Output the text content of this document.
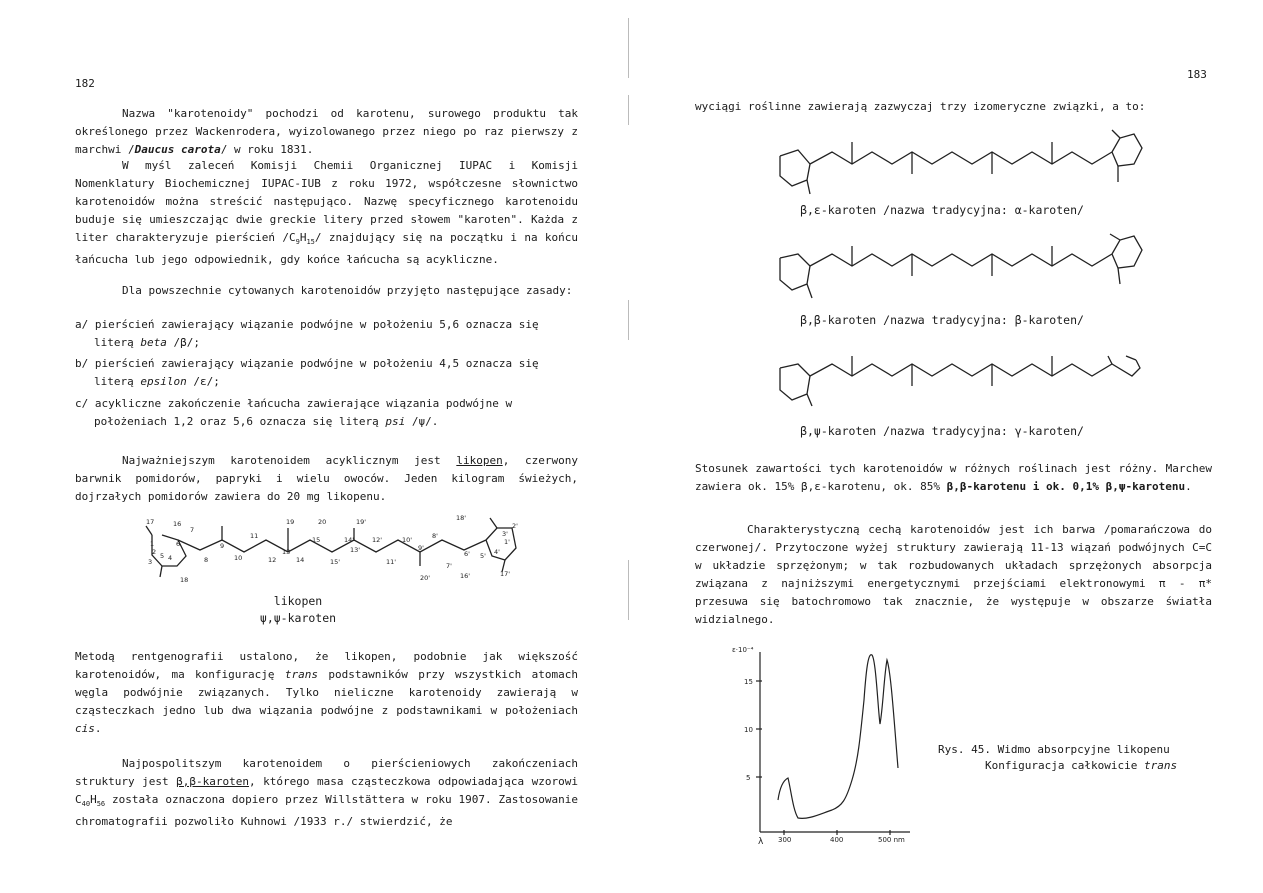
182
Nazwa "karotenoidy" pochodzi od karotenu, surowego produktu tak określonego przez Wackenrodera, wyizolowanego przez niego po raz pierwszy z marchwi /Daucus carota/ w roku 1831.
W myśl zaleceń Komisji Chemii Organicznej IUPAC i Komisji Nomenklatury Biochemicznej IUPAC-IUB z roku 1972, współczesne słownictwo karotenoidów można streścić następująco. Nazwę specyficznego karotenoidu buduje się umieszczając dwie greckie litery przed słowem "karoten". Każda z liter charakteryzuje pierścień $/C_9H_{15}/$ znajdujący się na początku i na końcu łańcucha lub jego odpowiednik, gdy końce łańcucha są acykliczne.
Dla powszechnie cytowanych karotenoidów przyjęto następujące zasady:
a/ pierścień zawierający wiązanie podwójne w położeniu 5,6 oznacza się
literą beta /β/;
b/ pierścień zawierający wiązanie podwójne w położeniu 4,5 oznacza się
literą epsilon /ε/;
c/ acykliczne zakończenie łańcucha zawierające wiązania podwójne w
położeniach 1,2 oraz 5,6 oznacza się literą psi /ψ/.
Najważniejszym karotenoidem acyklicznym jest likopen, czerwony barwnik pomidorów, papryki i wielu owoców. Jeden kilogram świeżych, dojrzałych pomidorów zawiera do 20 mg likopenu.
17	16
1
2
3 4
6
7
8
9
10
11
12
13
14
15
15'
14'
13'
12'
11'
10'
9'
8'
7'
6' 5' 4'
3'
2'
1'
16'	17'
18'
18
5
19	20	19'
20'
likopen
ψ,ψ-karoten
Metodą rentgenografii ustalono, że likopen, podobnie jak większość karotenoidów, ma konfigurację trans podstawników przy wszystkich atomach węgla podwójnie związanych. Tylko nieliczne karotenoidy zawierają w cząsteczkach jedno lub dwa wiązania podwójne z podstawnikami w położeniach cis.
Najpospolitszym karotenoidem o pierścieniowych zakończeniach struktury jest β,β-karoten, którego masa cząsteczkowa odpowiadająca wzorowi $C_{40}H_{56}$ została oznaczona dopiero przez Willstättera w roku 1907. Zastosowanie chromatografii pozwoliło Kuhnowi /1933 r./ stwierdzić, że
183
wyciągi roślinne zawierają zazwyczaj trzy izomeryczne związki, a to:
β,ε-karoten /nazwa tradycyjna: α-karoten/
β,β-karoten /nazwa tradycyjna: β-karoten/
β,ψ-karoten /nazwa tradycyjna: γ-karoten/
Stosunek zawartości tych karotenoidów w różnych roślinach jest różny. Marchew zawiera ok. 15% β,ε-karotenu, ok. 85% β,β-karotenu i ok. 0,1% β,ψ-karotenu.
Charakterystyczną cechą karotenoidów jest ich barwa /pomarańczowa do czerwonej/. Przytoczone wyżej struktury zawierają 11-13 wiązań podwójnych C=C w układzie sprzężonym; w tak rozbudowanych układach sprzężonych absorpcja związana z najniższymi energetycznymi przejściami elektronowymi π - π* przesuwa się batochromowo tak znacznie, że występuje w obszarze światła widzialnego.
ε·10⁻⁴
15
10
5
λ 300	400	500 nm
Rys. 45. Widmo absorpcyjne likopenu
Konfiguracja całkowicie trans
